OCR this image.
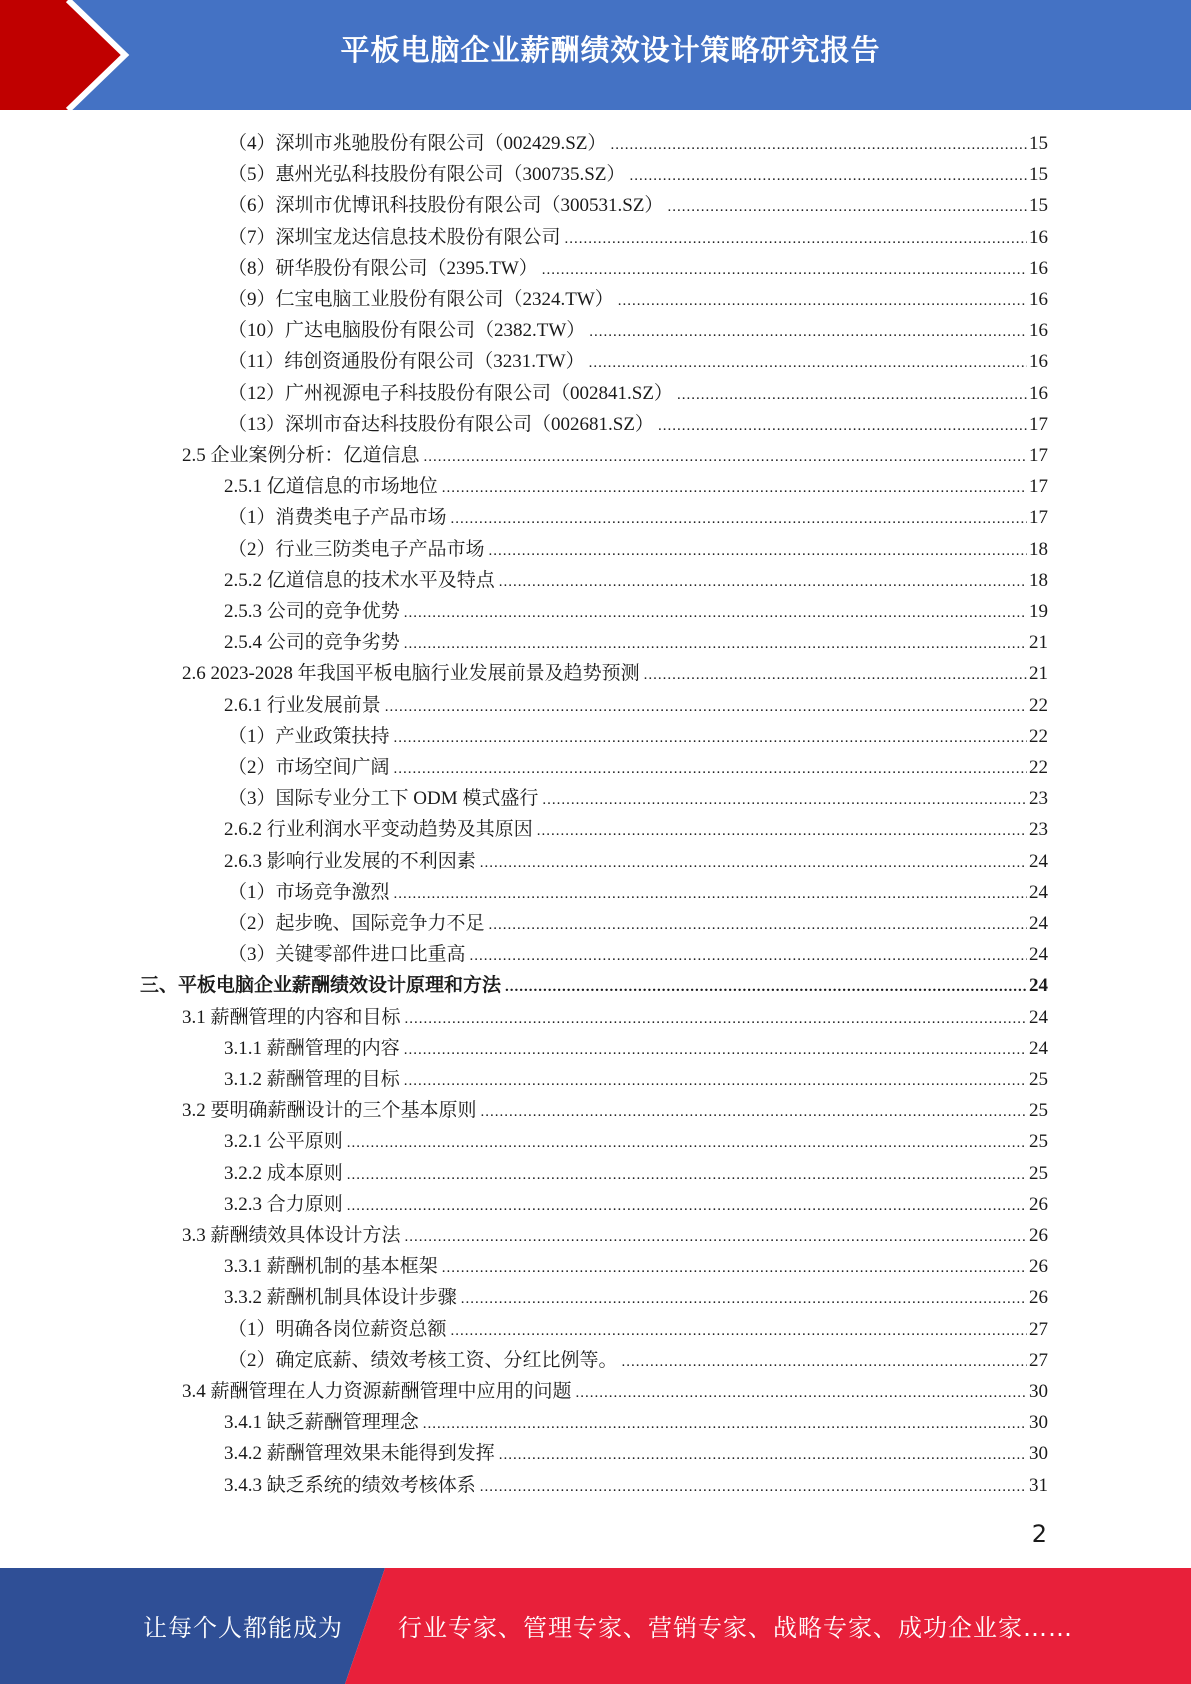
平板电脑企业薪酬绩效设计策略研究报告
（4）深圳市兆驰股份有限公司（002429.SZ） .....	15
（5）惠州光弘科技股份有限公司（300735.SZ） .....	15
（6）深圳市优博讯科技股份有限公司（300531.SZ） .....	15
（7）深圳宝龙达信息技术股份有限公司 .....	16
（8）研华股份有限公司（2395.TW） .....	16
（9）仁宝电脑工业股份有限公司（2324.TW） .....	16
（10）广达电脑股份有限公司（2382.TW） .....	16
（11）纬创资通股份有限公司（3231.TW） .....	16
（12）广州视源电子科技股份有限公司（002841.SZ） .....	16
（13）深圳市奋达科技股份有限公司（002681.SZ） .....	17
2.5 企业案例分析：亿道信息 .....	17
2.5.1 亿道信息的市场地位 .....	17
（1）消费类电子产品市场 .....	17
（2）行业三防类电子产品市场 .....	18
2.5.2 亿道信息的技术水平及特点 .....	18
2.5.3 公司的竞争优势 .....	19
2.5.4 公司的竞争劣势 .....	21
2.6 2023-2028 年我国平板电脑行业发展前景及趋势预测 .....	21
2.6.1 行业发展前景 .....	22
（1）产业政策扶持 .....	22
（2）市场空间广阔 .....	22
（3）国际专业分工下 ODM 模式盛行 .....	23
2.6.2 行业利润水平变动趋势及其原因 .....	23
2.6.3 影响行业发展的不利因素 .....	24
（1）市场竞争激烈 .....	24
（2）起步晚、国际竞争力不足 .....	24
（3）关键零部件进口比重高 .....	24
三、平板电脑企业薪酬绩效设计原理和方法 .....	24
3.1 薪酬管理的内容和目标 .....	24
3.1.1 薪酬管理的内容 .....	24
3.1.2 薪酬管理的目标 .....	25
3.2 要明确薪酬设计的三个基本原则 .....	25
3.2.1 公平原则 .....	25
3.2.2 成本原则 .....	25
3.2.3 合力原则 .....	26
3.3 薪酬绩效具体设计方法 .....	26
3.3.1 薪酬机制的基本框架 .....	26
3.3.2 薪酬机制具体设计步骤 .....	26
（1）明确各岗位薪资总额 .....	27
（2）确定底薪、绩效考核工资、分红比例等。 .....	27
3.4 薪酬管理在人力资源薪酬管理中应用的问题 .....	30
3.4.1 缺乏薪酬管理理念 .....	30
3.4.2 薪酬管理效果未能得到发挥 .....	30
3.4.3 缺乏系统的绩效考核体系 .....	31
2
让每个人都能成为 行业专家、管理专家、营销专家、战略专家、成功企业家……
